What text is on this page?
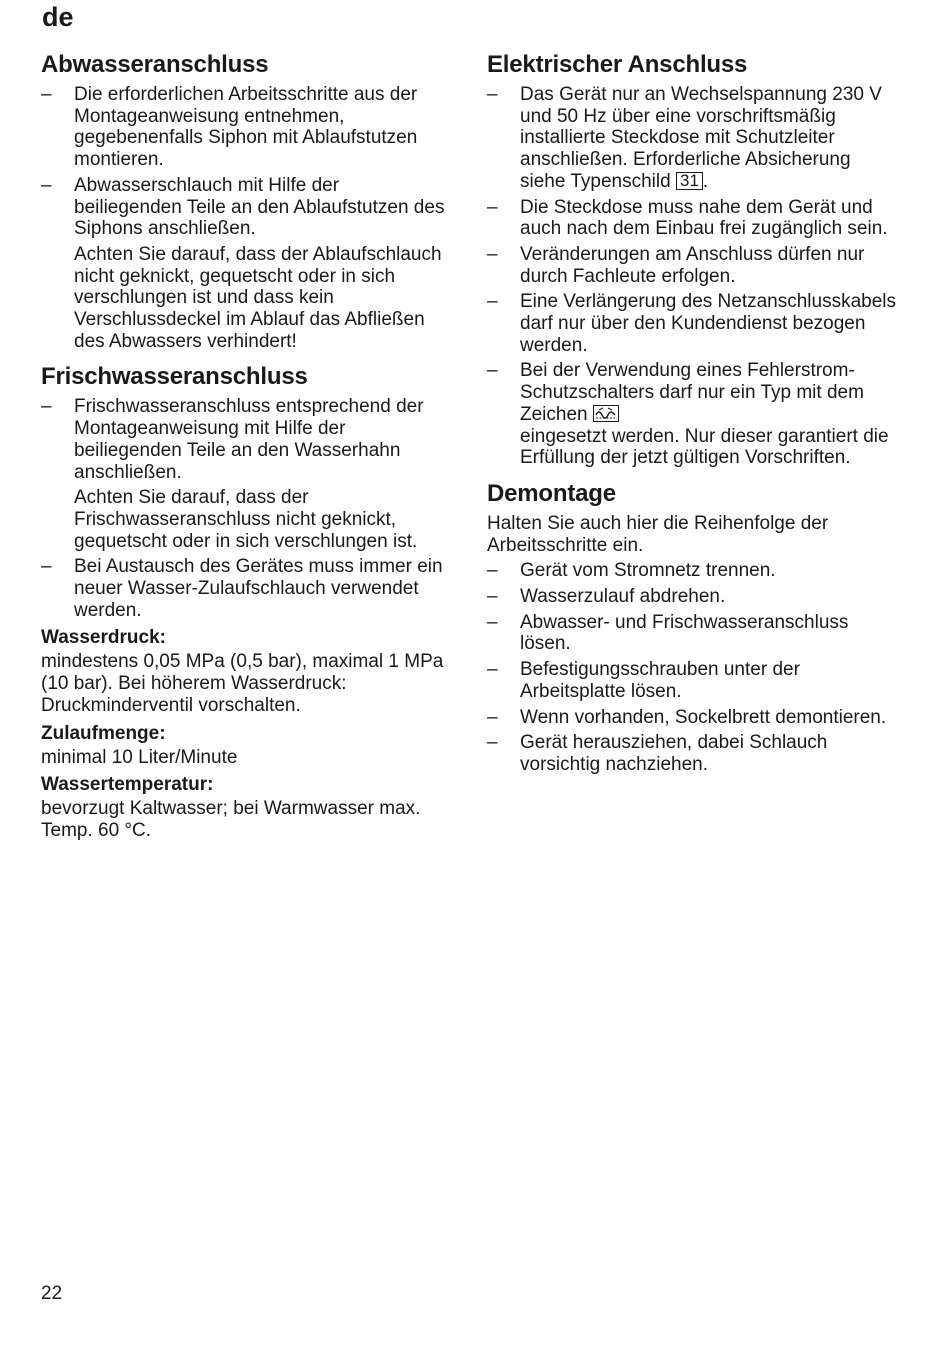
de
Abwasseranschluss
– Die erforderlichen Arbeitsschritte aus der Montageanweisung entnehmen, gegebenenfalls Siphon mit Ablaufstutzen montieren.
– Abwasserschlauch mit Hilfe der beiliegenden Teile an den Ablaufstutzen des Siphons anschließen.
Achten Sie darauf, dass der Ablaufschlauch nicht geknickt, gequetscht oder in sich verschlungen ist und dass kein Verschlussdeckel im Ablauf das Abfließen des Abwassers verhindert!
Frischwasseranschluss
– Frischwasseranschluss entsprechend der Montageanweisung mit Hilfe der beiliegenden Teile an den Wasserhahn anschließen.
Achten Sie darauf, dass der Frischwasseranschluss nicht geknickt, gequetscht oder in sich verschlungen ist.
– Bei Austausch des Gerätes muss immer ein neuer Wasser-Zulaufschlauch verwendet werden.
Wasserdruck:
mindestens 0,05 MPa (0,5 bar), maximal 1 MPa (10 bar). Bei höherem Wasserdruck: Druckminderventil vorschalten.
Zulaufmenge:
minimal 10 Liter/Minute
Wassertemperatur:
bevorzugt Kaltwasser; bei Warmwasser max. Temp. 60 °C.
Elektrischer Anschluss
– Das Gerät nur an Wechselspannung 230 V und 50 Hz über eine vorschriftsmäßig installierte Steckdose mit Schutzleiter anschließen. Erforderliche Absicherung siehe Typenschild 31 .
– Die Steckdose muss nahe dem Gerät und auch nach dem Einbau frei zugänglich sein.
– Veränderungen am Anschluss dürfen nur durch Fachleute erfolgen.
– Eine Verlängerung des Netzanschlusskabels darf nur über den Kundendienst bezogen werden.
– Bei der Verwendung eines Fehlerstrom-Schutzschalters darf nur ein Typ mit dem Zeichen

eingesetzt werden. Nur dieser garantiert die Erfüllung der jetzt gültigen Vorschriften.
Demontage
Halten Sie auch hier die Reihenfolge der Arbeitsschritte ein.
– Gerät vom Stromnetz trennen.
– Wasserzulauf abdrehen.
– Abwasser- und Frischwasseranschluss lösen.
– Befestigungsschrauben unter der Arbeitsplatte lösen.
– Wenn vorhanden, Sockelbrett demontieren.
– Gerät herausziehen, dabei Schlauch vorsichtig nachziehen.
22
